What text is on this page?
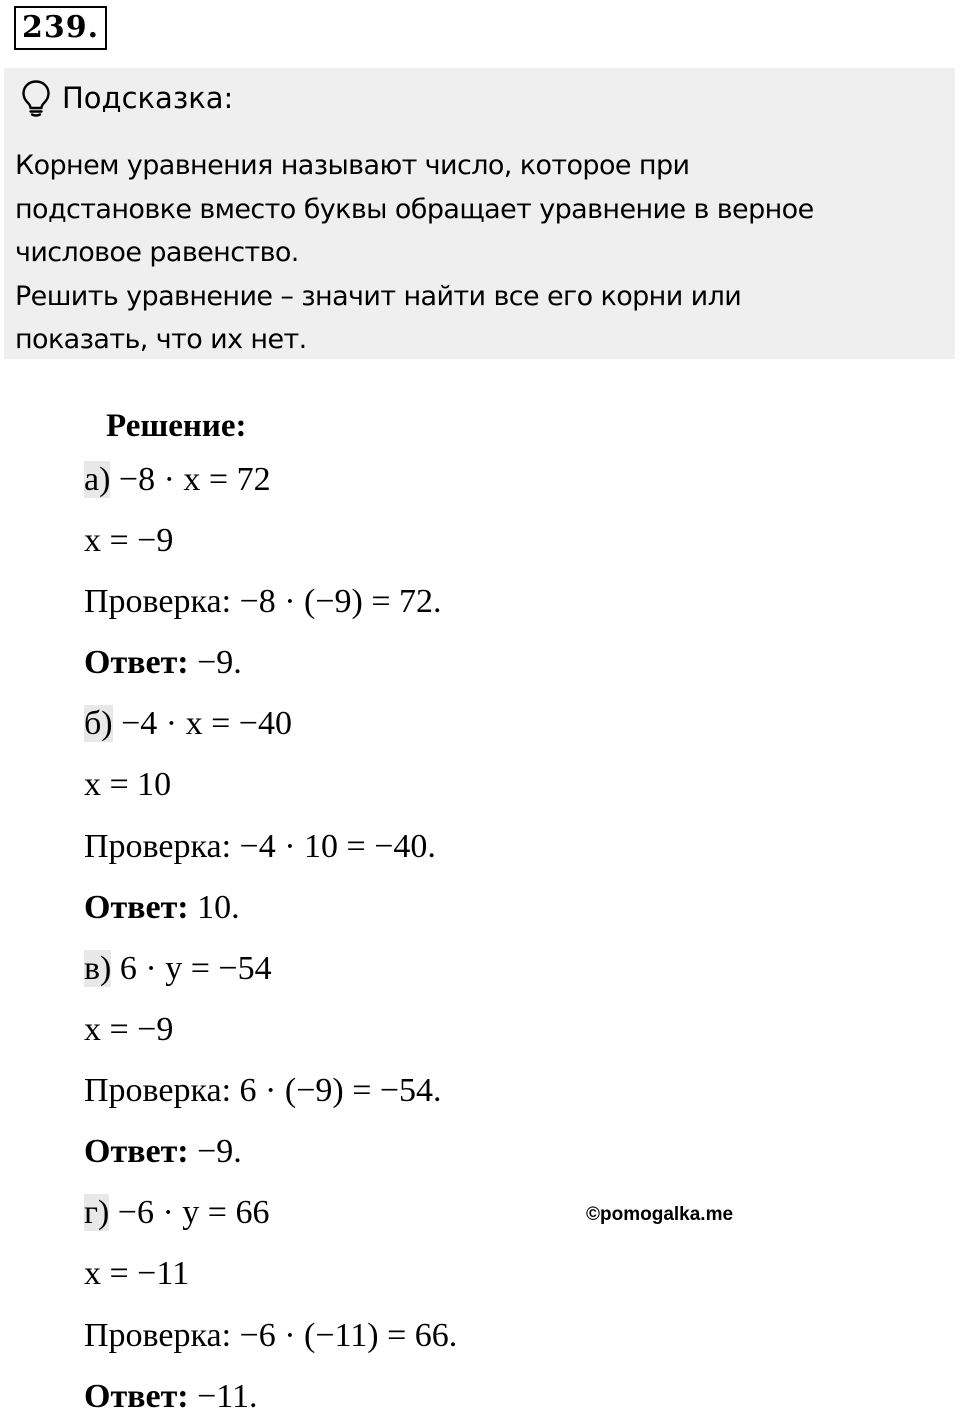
239.
Подсказка:

Корнем уравнения называют число, которое при

подстановке вместо буквы обращает уравнение в верное

числовое равенство.

Решить уравнение – значит найти все его корни или

показать, что их нет.

Решение:
а) −8 · x = 72
x = −9
Проверка: −8 · (−9) = 72.
Ответ: −9.
б) −4 · x = −40
x = 10
Проверка: −4 · 10 = −40.
Ответ: 10.
в) 6 · y = −54
x = −9
Проверка: 6 · (−9) = −54.
Ответ: −9.
г) −6 · y = 66
x = −11
Проверка: −6 · (−11) = 66.
Ответ: −11.
©pomogalka.me
